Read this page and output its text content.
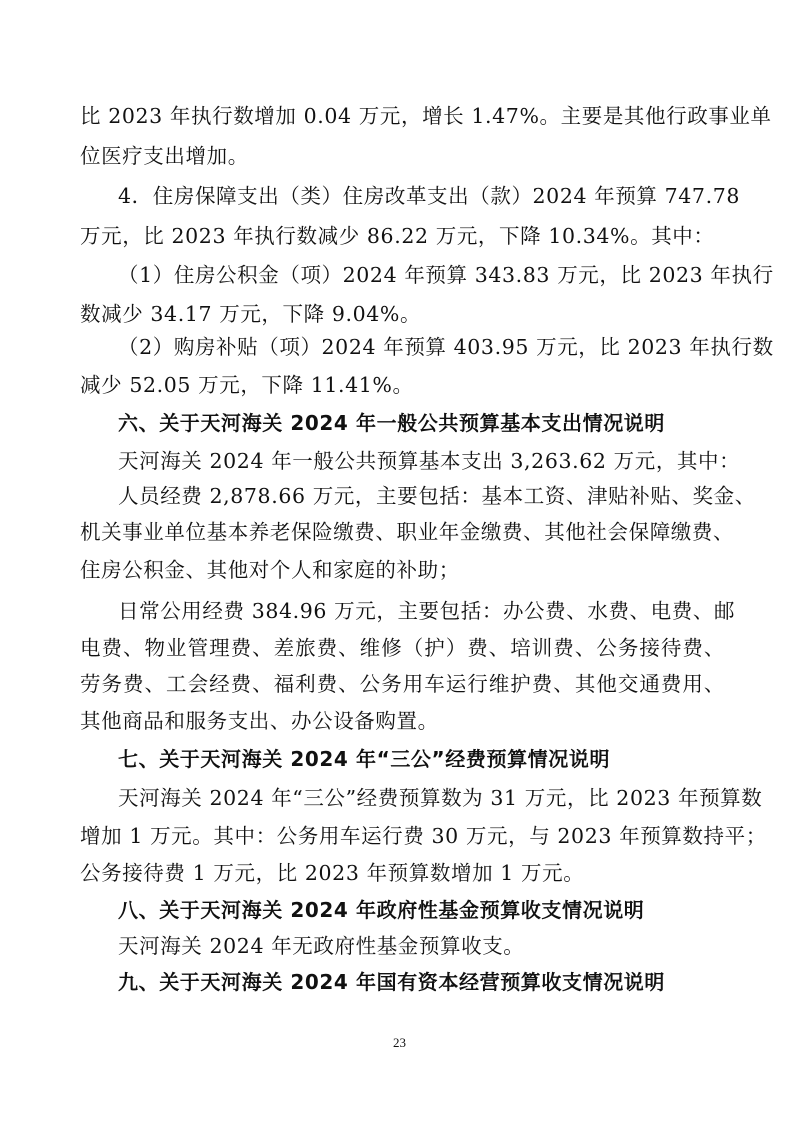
比 2023 年执行数增加 0.04 万元，增长 1.47%。主要是其他行政事业单
位医疗支出增加。
4．住房保障支出（类）住房改革支出（款）2024 年预算 747.78
万元，比 2023 年执行数减少 86.22 万元，下降 10.34%。其中：
（1）住房公积金（项）2024 年预算 343.83 万元，比 2023 年执行
数减少 34.17 万元，下降 9.04%。
（2）购房补贴（项）2024 年预算 403.95 万元，比 2023 年执行数
减少 52.05 万元，下降 11.41%。
六、关于天河海关 2024 年一般公共预算基本支出情况说明
天河海关 2024 年一般公共预算基本支出 3,263.62 万元，其中：
人员经费 2,878.66 万元，主要包括：基本工资、津贴补贴、奖金、
机关事业单位基本养老保险缴费、职业年金缴费、其他社会保障缴费、
住房公积金、其他对个人和家庭的补助；
日常公用经费 384.96 万元，主要包括：办公费、水费、电费、邮
电费、物业管理费、差旅费、维修（护）费、培训费、公务接待费、
劳务费、工会经费、福利费、公务用车运行维护费、其他交通费用、
其他商品和服务支出、办公设备购置。
七、关于天河海关 2024 年“三公”经费预算情况说明
天河海关 2024 年“三公”经费预算数为 31 万元，比 2023 年预算数
增加 1 万元。其中：公务用车运行费 30 万元，与 2023 年预算数持平；
公务接待费 1 万元，比 2023 年预算数增加 1 万元。
八、关于天河海关 2024 年政府性基金预算收支情况说明
天河海关 2024 年无政府性基金预算收支。
九、关于天河海关 2024 年国有资本经营预算收支情况说明
23
